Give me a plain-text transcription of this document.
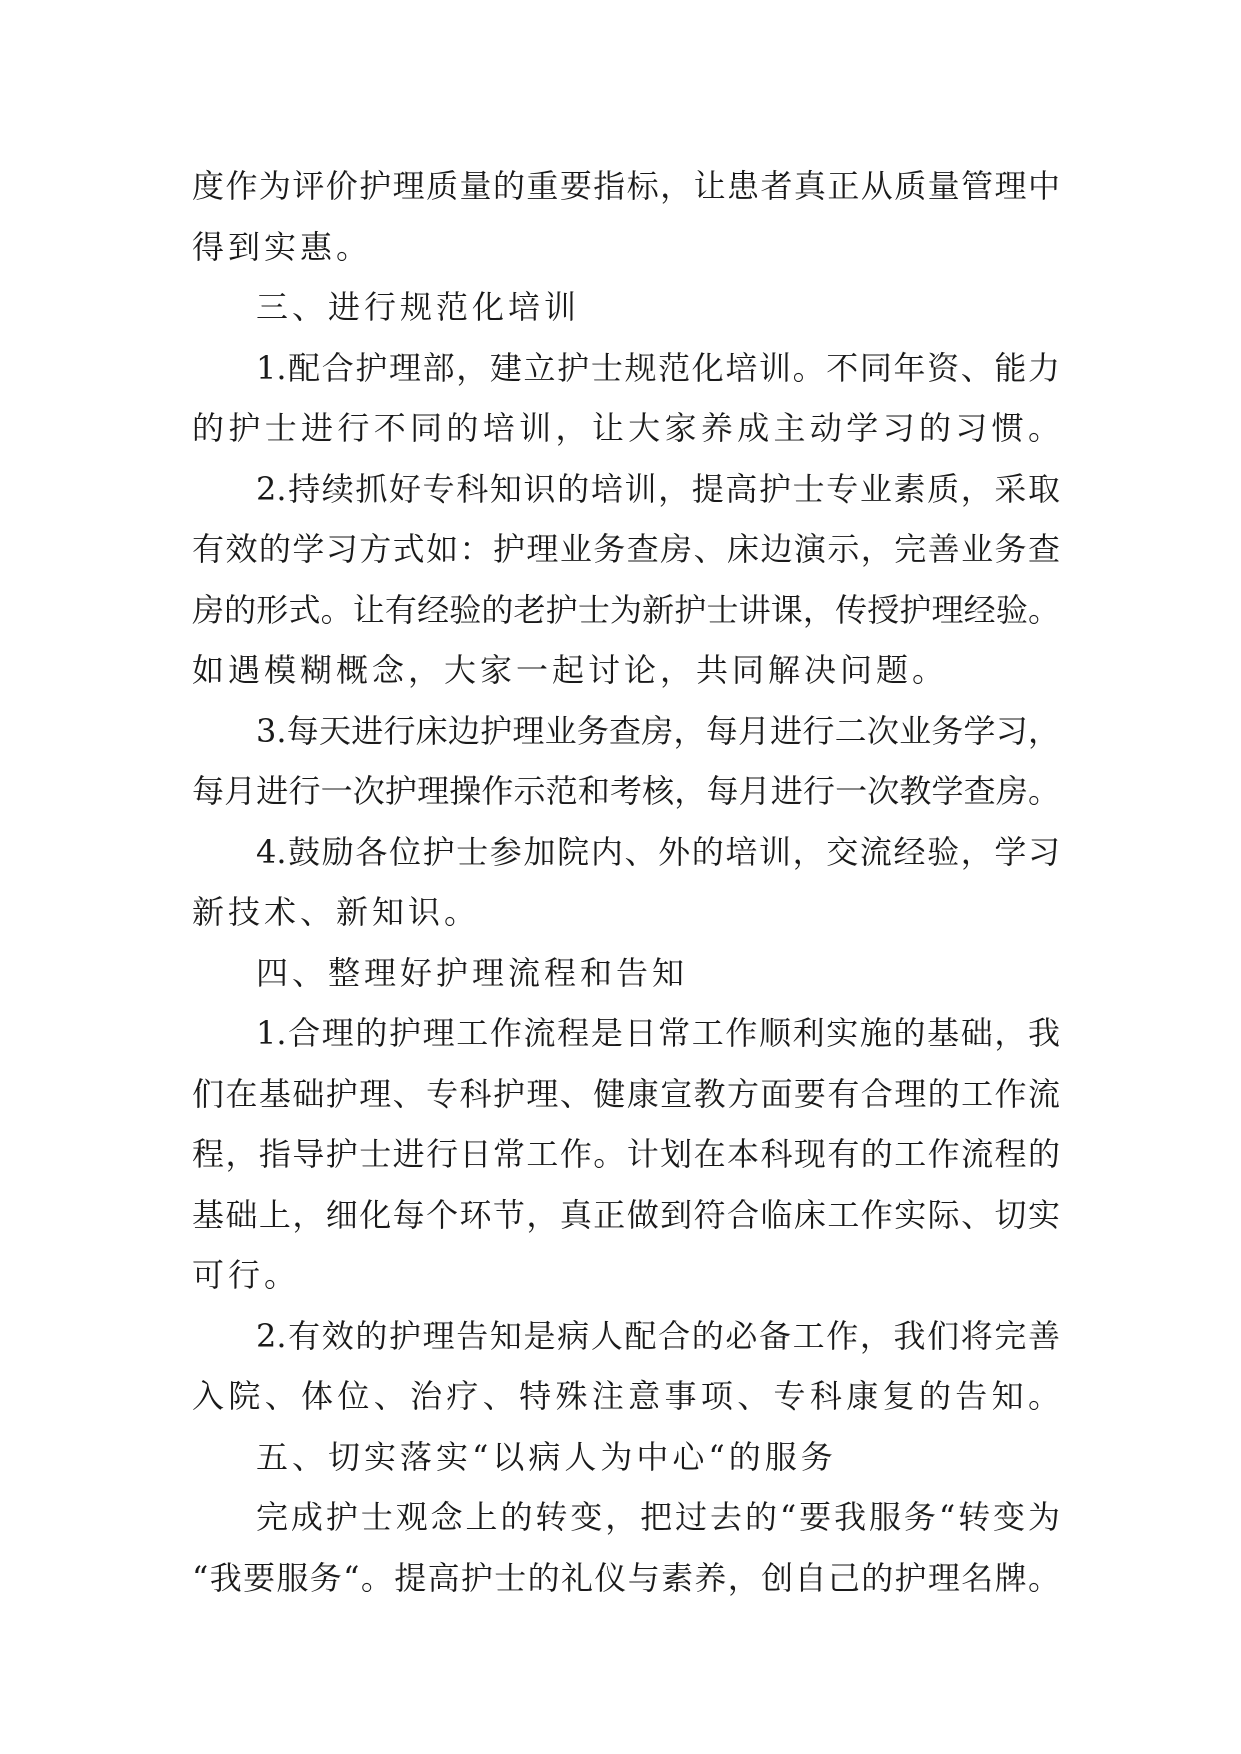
度作为评价护理质量的重要指标，让患者真正从质量管理中
得到实惠。
三、进行规范化培训
1.配合护理部，建立护士规范化培训。不同年资、能力
的护士进行不同的培训，让大家养成主动学习的习惯。
2.持续抓好专科知识的培训，提高护士专业素质，采取
有效的学习方式如：护理业务查房、床边演示，完善业务查
房的形式。让有经验的老护士为新护士讲课，传授护理经验。
如遇模糊概念，大家一起讨论，共同解决问题。
3.每天进行床边护理业务查房，每月进行二次业务学习，
每月进行一次护理操作示范和考核，每月进行一次教学查房。
4.鼓励各位护士参加院内、外的培训，交流经验，学习
新技术、新知识。
四、整理好护理流程和告知
1.合理的护理工作流程是日常工作顺利实施的基础，我
们在基础护理、专科护理、健康宣教方面要有合理的工作流
程，指导护士进行日常工作。计划在本科现有的工作流程的
基础上，细化每个环节，真正做到符合临床工作实际、切实
可行。
2.有效的护理告知是病人配合的必备工作，我们将完善
入院、体位、治疗、特殊注意事项、专科康复的告知。
五、切实落实“以病人为中心“的服务
完成护士观念上的转变，把过去的“要我服务“转变为
“我要服务“。提高护士的礼仪与素养，创自己的护理名牌。
